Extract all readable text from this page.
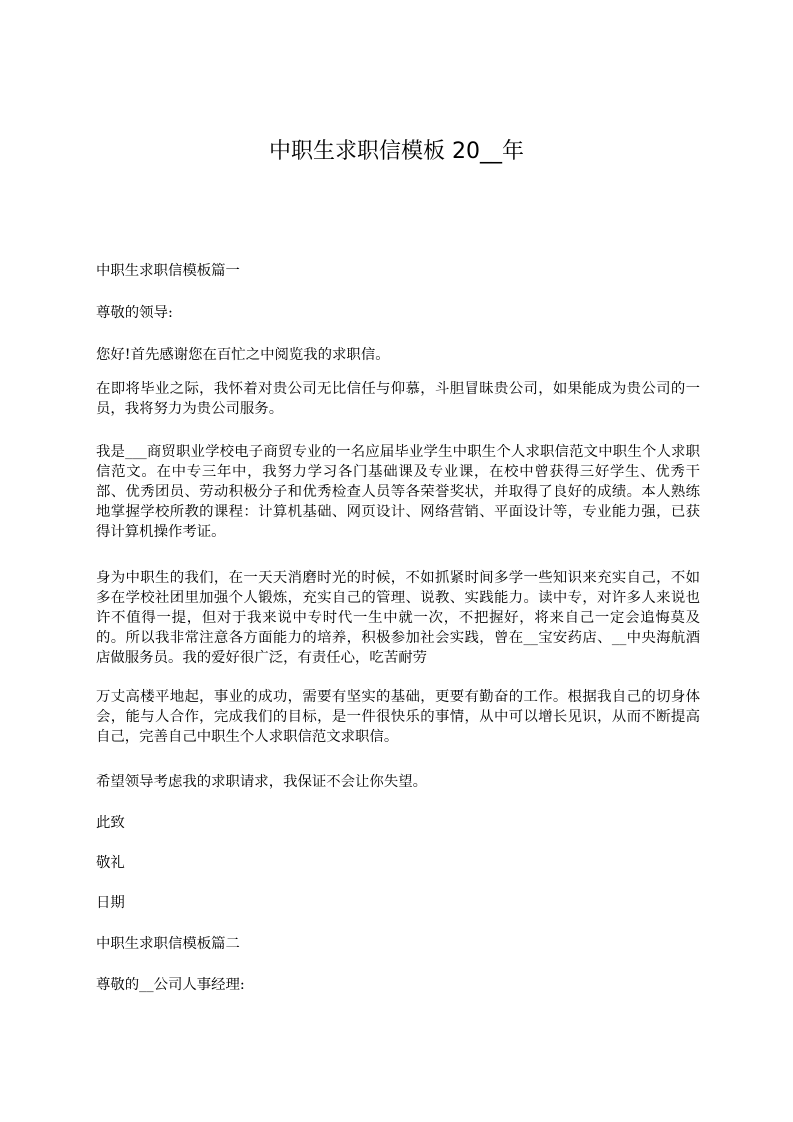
中职生求职信模板 20__年

中职生求职信模板篇一

尊敬的领导:

您好!首先感谢您在百忙之中阅览我的求职信。

在即将毕业之际，我怀着对贵公司无比信任与仰慕，斗胆冒昧贵公司，如果能成为贵公司的一员，我将努力为贵公司服务。

我是___商贸职业学校电子商贸专业的一名应届毕业学生中职生个人求职信范文中职生个人求职信范文。在中专三年中，我努力学习各门基础课及专业课，在校中曾获得三好学生、优秀干部、优秀团员、劳动积极分子和优秀检查人员等各荣誉奖状，并取得了良好的成绩。本人熟练地掌握学校所教的课程：计算机基础、网页设计、网络营销、平面设计等，专业能力强，已获得计算机操作考证。

身为中职生的我们，在一天天消磨时光的时候，不如抓紧时间多学一些知识来充实自己，不如多在学校社团里加强个人锻炼，充实自己的管理、说教、实践能力。读中专，对许多人来说也许不值得一提，但对于我来说中专时代一生中就一次，不把握好，将来自己一定会追悔莫及的。所以我非常注意各方面能力的培养，积极参加社会实践，曾在__宝安药店、__中央海航酒店做服务员。我的爱好很广泛，有责任心，吃苦耐劳

万丈高楼平地起，事业的成功，需要有坚实的基础，更要有勤奋的工作。根据我自己的切身体会，能与人合作，完成我们的目标，是一件很快乐的事情，从中可以增长见识，从而不断提高自己，完善自己中职生个人求职信范文求职信。

希望领导考虑我的求职请求，我保证不会让你失望。

此致

敬礼

日期

中职生求职信模板篇二

尊敬的__公司人事经理:
